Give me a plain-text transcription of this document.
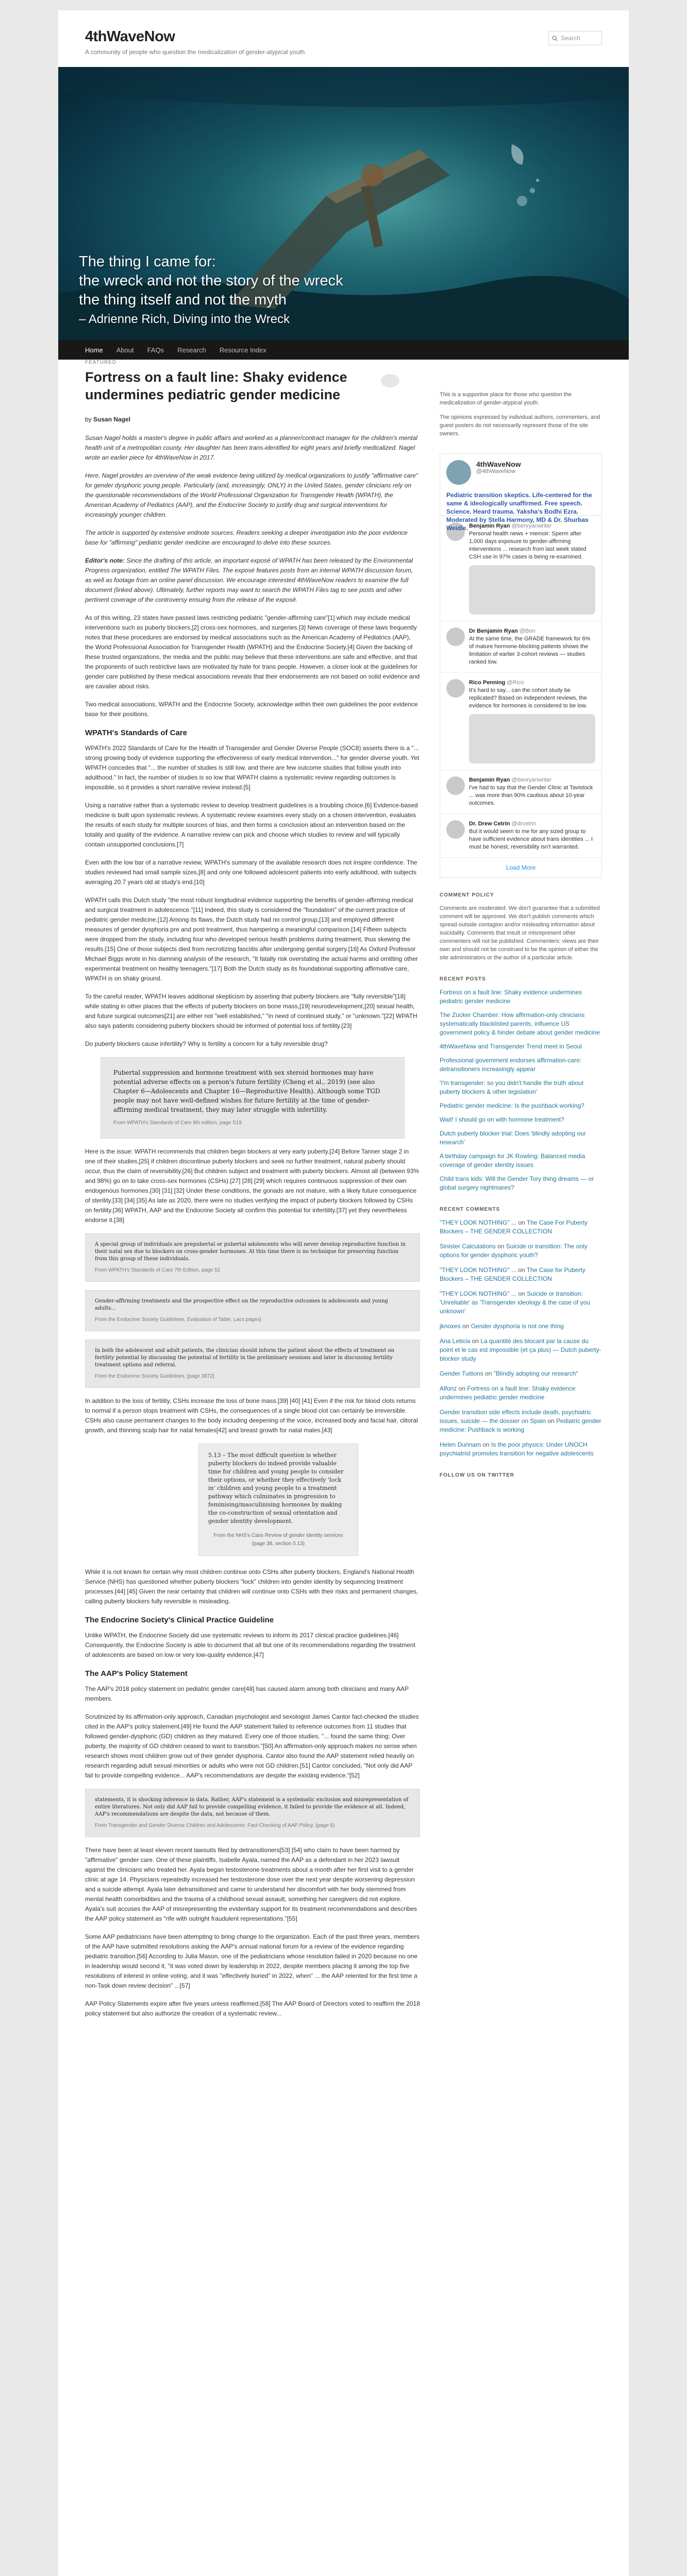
4thWaveNow
A community of people who question the medicalization of gender-atypical youth
Search
The thing I came for:
the wreck and not the story of the wreck
the thing itself and not the myth
– Adrienne Rich, Diving into the Wreck
Home About FAQs Research Resource Index
FEATURED
Fortress on a fault line: Shaky evidence undermines pediatric gender medicine
by Susan Nagel

Susan Nagel holds a master's degree in public affairs and worked as a planner/contract manager for the children's mental health unit of a metropolitan county. Her daughter has been trans-identified for eight years and briefly medicalized. Nagel wrote an earlier piece for 4thWaveNow in 2017.

Here, Nagel provides an overview of the weak evidence being utilized by medical organizations to justify "affirmative care" for gender dysphoric young people. Particularly (and, increasingly, ONLY) in the United States, gender clinicians rely on the questionable recommendations of the World Professional Organization for Transgender Health (WPATH), the American Academy of Pediatrics (AAP), and the Endocrine Society to justify drug and surgical interventions for increasingly younger children.

The article is supported by extensive endnote sources. Readers seeking a deeper investigation into the poor evidence base for "affirming" pediatric gender medicine are encouraged to delve into these sources.

Editor's note: Since the drafting of this article, an important exposé of WPATH has been released by the Environmental Progress organization, entitled The WPATH Files. The exposé features posts from an internal WPATH discussion forum, as well as footage from an online panel discussion. We encourage interested 4thWaveNow readers to examine the full document (linked above). Ultimately, further reports may want to search the WPATH Files tag to see posts and other pertinent coverage of the controversy ensuing from the release of the exposé.

As of this writing, 23 states have passed laws restricting pediatric "gender-affirming care"[1] which may include medical interventions such as puberty blockers,[2] cross-sex hormones, and surgeries.[3] News coverage of these laws frequently notes that these procedures are endorsed by medical associations such as the American Academy of Pediatrics (AAP), the World Professional Association for Transgender Health (WPATH) and the Endocrine Society.[4] Given the backing of these trusted organizations, the media and the public may believe that these interventions are safe and effective, and that the proponents of such restrictive laws are motivated by hate for trans people. However, a closer look at the guidelines for gender care published by these medical associations reveals that their endorsements are not based on solid evidence and are cavalier about risks.

Two medical associations, WPATH and the Endocrine Society, acknowledge within their own guidelines the poor evidence base for their positions.

WPATH's Standards of Care

WPATH's 2022 Standards of Care for the Health of Transgender and Gender Diverse People (SOC8) asserts there is a "... strong growing body of evidence supporting the effectiveness of early medical intervention..." for gender diverse youth. Yet WPATH concedes that "... the number of studies is still low, and there are few outcome studies that follow youth into adulthood." In fact, the number of studies is so low that WPATH claims a systematic review regarding outcomes is impossible, so it provides a short narrative review instead.[5]

Using a narrative rather than a systematic review to develop treatment guidelines is a troubling choice.[6] Evidence-based medicine is built upon systematic reviews. A systematic review examines every study on a chosen intervention, evaluates the results of each study for multiple sources of bias, and then forms a conclusion about an intervention based on the totality and quality of the evidence. A narrative review can pick and choose which studies to review and will typically contain unsupported conclusions.[7]

Even with the low bar of a narrative review, WPATH's summary of the available research does not inspire confidence. The studies reviewed had small sample sizes,[8] and only one followed adolescent patients into early adulthood, with subjects averaging 20.7 years old at study's end.[10]

WPATH calls this Dutch study "the most robust longitudinal evidence supporting the benefits of gender-affirming medical and surgical treatment in adolescence."[11] Indeed, this study is considered the "foundation" of the current practice of pediatric gender medicine.[12] Among its flaws, the Dutch study had no control group,[13] and employed different measures of gender dysphoria pre and post treatment, thus hampering a meaningful comparison.[14] Fifteen subjects were dropped from the study, including four who developed serious health problems during treatment, thus skewing the results.[15] One of those subjects died from necrotizing fasciitis after undergoing genital surgery.[16] As Oxford Professor Michael Biggs wrote in his damning analysis of the research, "It fatally risk overstating the actual harms and omitting other experimental treatment on healthy teenagers."[17] Both the Dutch study as its foundational supporting affirmative care, WPATH is on shaky ground.

To the careful reader, WPATH leaves additional skepticism by asserting that puberty blockers are "fully reversible"[18] while stating in other places that the effects of puberty blockers on bone mass,[19] neurodevelopment,[20] sexual health, and future surgical outcomes[21] are either not "well established," "in need of continued study," or "unknown."[22] WPATH also says patients considering puberty blockers should be informed of potential loss of fertility.[23]

Do puberty blockers cause infertility? Why is fertility a concern for a fully reversible drug?

Pubertal suppression and hormone treatment with sex steroid hormones may have potential adverse effects on a person's future fertility (Cheng et al., 2019) (see also Chapter 6—Adolescents and Chapter 16—Reproductive Health). Although some TGD people may not have well-defined wishes for future fertility at the time of gender-affirming medical treatment, they may later struggle with infertility.
From WPATH's Standards of Care 8th edition, page S19

Here is the issue: WPATH recommends that children begin blockers at very early puberty.[24] Before Tanner stage 2 in one of their studies,[25] if children discontinue puberty blockers and seek no further treatment, natural puberty should occur, thus the claim of reversibility.[26] But children subject and treatment with puberty blockers. Almost all (between 93% and 98%) go on to take cross-sex hormones (CSHs).[27] [28] [29] which requires continuous suppression of their own endogenous hormones.[30] [31] [32] Under these conditions, the gonads are not mature, with a likely future consequence of sterility.[33] [34] [35] As late as 2020, there were no studies verifying the impact of puberty blockers followed by CSHs on fertility.[36] WPATH, AAP and the Endocrine Society all confirm this potential for infertility.[37] yet they nevertheless endorse it.[38]

A special group of individuals are prepubertal or pubertal adolescents who will never develop reproductive function in their natal sex due to blockers on cross-gender hormones. At this time there is no technique for preserving function from this group of these individuals.
From WPATH's Standards of Care 7th Edition, page 52
Gender-affirming treatments and the prospective effect on the reproductive outcomes in adolescents and young adults...
From the Endocrine Society Guidelines, Evaluation of Table, Lacs pages]
In both the adolescent and adult patients, the clinician should inform the patient about the effects of treatment on fertility potential by discussing the potential of fertility in the preliminary sessions and later in discussing fertility treatment options and referral.
From the Endocrine Society Guidelines, [page 3872]

In addition to the loss of fertility, CSHs increase the loss of bone mass.[39] [40] [41] Even if the risk for blood clots returns to normal if a person stops treatment with CSHs, the consequences of a single blood clot can certainly be irreversible. CSHs also cause permanent changes to the body including deepening of the voice, increased body and facial hair, clitoral growth, and thinning scalp hair for natal females[42] and breast growth for natal males.[43]

5.13 – The most difficult question is whether puberty blockers do indeed provide valuable time for children and young people to consider their options, or whether they effectively 'lock in' children and young people to a treatment pathway which culminates in progression to feminising/masculinising hormones by making the co-construction of sexual orientation and gender identity development.
From the NHS's Cass Review of gender identity services (page 38, section 5.13)

While it is not known for certain why most children continue onto CSHs after puberty blockers, England's National Health Service (NHS) has questioned whether puberty blockers "lock" children into gender identity by sequencing treatment processes.[44] [45] Given the near certainty that children will continue onto CSHs with their risks and permanent changes, calling puberty blockers fully reversible is misleading.

The Endocrine Society's Clinical Practice Guideline

Unlike WPATH, the Endocrine Society did use systematic reviews to inform its 2017 clinical practice guidelines.[46] Consequently, the Endocrine Society is able to document that all but one of its recommendations regarding the treatment of adolescents are based on low or very low-quality evidence.[47]

The AAP's Policy Statement

The AAP's 2018 policy statement on pediatric gender care[48] has caused alarm among both clinicians and many AAP members.

Scrutinized by its affirmation-only approach, Canadian psychologist and sexologist James Cantor fact-checked the studies cited in the AAP's policy statement.[49] He found the AAP statement failed to reference outcomes from 11 studies that followed gender-dysphoric (GD) children as they matured. Every one of those studies, "... found the same thing: Over puberty, the majority of GD children ceased to want to transition."[50] An affirmation-only approach makes no sense when research shows most children grow out of their gender dysphoria. Cantor also found the AAP statement relied heavily on research regarding adult sexual minorities or adults who were not GD children.[51] Cantor concluded, "Not only did AAP fail to provide compelling evidence... AAP's recommendations are despite the existing evidence."[52]

statements, it is shocking inference in data. Rather, AAP's statement is a systematic exclusion and misrepresentation of entire literatures. Not only did AAP fail to provide compelling evidence, it failed to provide the evidence at all. Indeed, AAP's recommendations are despite the data, not because of them.
From Transgender and Gender Diverse Children and Adolescents: Fact-Checking of AAP Policy, (page 6)

There have been at least eleven recent lawsuits filed by detransitioners[53] [54] who claim to have been harmed by "affirmative" gender care. One of these plaintiffs, Isabelle Ayala, named the AAP as a defendant in her 2023 lawsuit against the clinicians who treated her. Ayala began testosterone treatments about a month after her first visit to a gender clinic at age 14. Physicians repeatedly increased her testosterone dose over the next year despite worsening depression and a suicide attempt. Ayala later detransitioned and came to understand her discomfort with her body stemmed from mental health comorbidities and the trauma of a childhood sexual assault, something her caregivers did not explore. Ayala's suit accuses the AAP of misrepresenting the evidentiary support for its treatment recommendations and describes the AAP policy statement as "rife with outright fraudulent representations."[55]

Some AAP pediatricians have been attempting to bring change to the organization. Each of the past three years, members of the AAP have submitted resolutions asking the AAP's annual national forum for a review of the evidence regarding pediatric transition.[56] According to Julia Mason, one of the pediatricians whose resolution failed in 2020 because no one in leadership would second it, "it was voted down by leadership in 2022, despite members placing it among the top five resolutions of interest in online voting, and it was "effectively buried" in 2022, when" ... the AAP relented for the first time a non-Task down review decision" ...[57]

AAP Policy Statements expire after five years unless reaffirmed.[58] The AAP Board of Directors voted to reaffirm the 2018 policy statement but also authorize the creation of a systematic review...

This is a supportive place for those who question the medicalization of gender-atypical youth.

The opinions expressed by individual authors, commenters, and guest posters do not necessarily represent those of the site owners.

4thWaveNow
@4thWaveNow
Pediatric transition skeptics. Life-centered for the same & ideologically unaffirmed. Free speech. Science. Heard trauma. Yaksha's Bodhi Ezra. Moderated by Stella Harmony, MD & Dr. Shurbas Weidle. Benjamin Ryan @benryanwriter
Personal health news + memoir: Sperm after 1,000 days exposure to gender-affirming interventions ... research from last week stated CSH use in 97% cases is being re-examined.
Dr Benjamin Ryan @Ben
At the same time, the GRADE framework for 6% of mature hormone-blocking patients shows the limitation of earlier 3-cohort reviews — studies ranked low.
Rico Penning @Rico
It's hard to say... can the cohort study be replicated? Based on independent reviews, the evidence for hormones is considered to be low.
Benjamin Ryan @benryanwriter
I've had to say that the Gender Clinic at Tavistock ... was more than 90% cautious about 10-year outcomes.
Dr. Drew Cetrin @drcetrin
But it would seem to me for any sized group to have sufficient evidence about trans identities ... I must be honest, reversibility isn't warranted.
Load More
COMMENT POLICY

Comments are moderated. We don't guarantee that a submitted comment will be approved. We don't publish comments which spread outside contagion and/or misleading information about suicidality. Comments that insult or misrepresent other commenters will not be published. Commenters: views are their own and should not be construed to be the opinion of either the site administrators or the author of a particular article.

RECENT POSTS
Fortress on a fault line: Shaky evidence undermines pediatric gender medicine
The Zucker Chamber: How affirmation-only clinicians systematically blacklisted parents, influence US government policy & hinder debate about gender medicine
4thWaveNow and Transgender Trend meet in Seoul
Professional government endorses affirmation-care: detransitioners increasingly appear
'I'm transgender: so you didn't handle the truth about puberty blockers & other legislation'
Pediatric gender medicine: Is the pushback working?
Wait! I should go on with hormone treatment?
Dutch puberty blocker trial: Does 'blindly adopting our research'
A birthday campaign for JK Rowling: Balanced media coverage of gender identity issues
Child trans kids: Will the Gender Tory thing dreams — or global surgery nightmares?
RECENT COMMENTS
"THEY LOOK NOTHING" ... on The Case For Puberty Blockers – THE GENDER COLLECTION
Sinister Calculations on Suicide or transition: The only options for gender dysphoric youth?
"THEY LOOK NOTHING" ... on The Case for Puberty Blockers – THE GENDER COLLECTION
"THEY LOOK NOTHING" ... on Suicide or transition: 'Unreliable' as 'Transgender ideology & the case of you unknown'
jknoxes on Gender dysphoria is not one thing
Ana Leticia on La quantité des blocant par la cause du point et le cas est impossible (et ça plus) — Dutch puberty-blocker study
Gender Tuitions on "Blindly adopting our research"
Alfonz on Fortress on a fault line: Shaky evidence undermines pediatric gender medicine
Gender transition side effects include death, psychiatric issues, suicide — the dossier on Spain on Pediatric gender medicine: Pushback is working
Helen Dunnam on Is the poor physics: Under UNOCH psychiatrist promotes transition for negative adolescents
FOLLOW US ON TWITTER
